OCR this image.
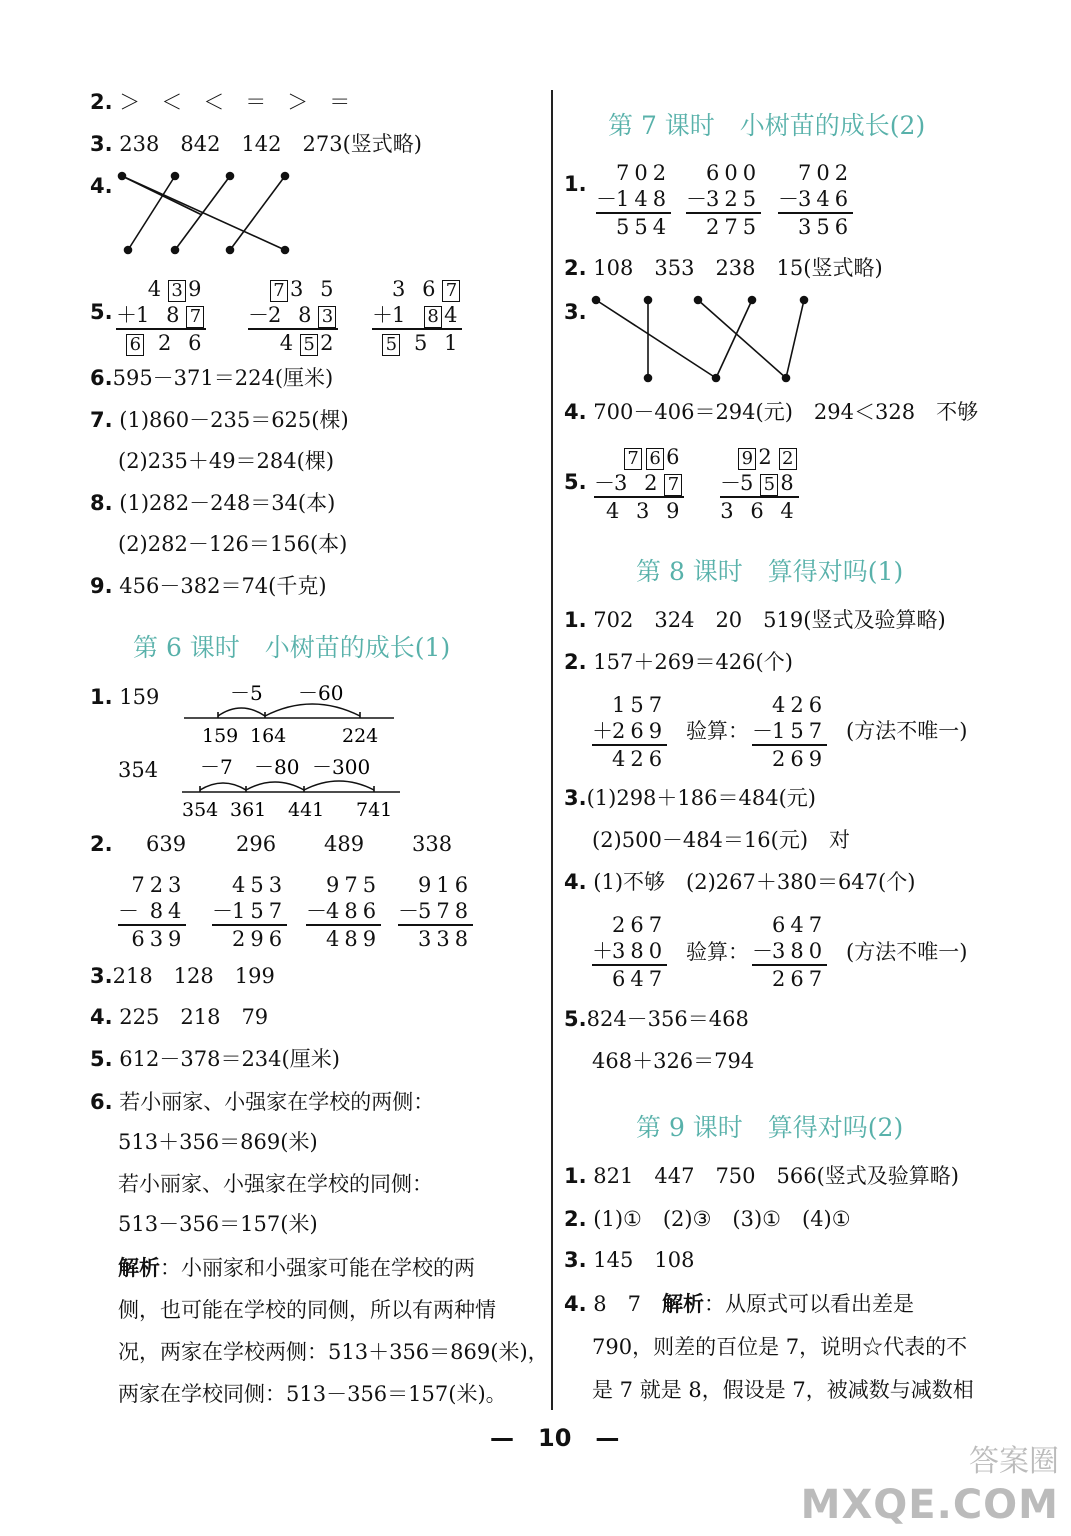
2. ＞　＜　＜　＝　＞　＝
3. 238　842　142　273(竖式略)
4.
5.
4 3 9
＋1 8 7
6 2 6
7 3 5
－2 8 3
4 5 2
3 6 7
＋1 8 4
5 5 1
6.595－371＝224(厘米)
7. (1)860－235＝625(棵)
(2)235＋49＝284(棵)
8. (1)282－248＝34(本)
(2)282－126＝156(本)
9. 456－382＝74(千克)
第 6 课时　小树苗的成长(1)
1. 159	－5 －60
159 164	224
354 －7 －80 －300
354 361 441 741
2. 639 296 489 338
723
－ 84
639
453
－157
296
975
－486
489
916
－578
338
3.218　128　199
4. 225　218　79
5. 612－378＝234(厘米)
6. 若小丽家、小强家在学校的两侧：
513＋356＝869(米)
若小丽家、小强家在学校的同侧：
513－356＝157(米)
解析：小丽家和小强家可能在学校的两
侧，也可能在学校的同侧，所以有两种情
况，两家在学校两侧：513＋356＝869(米)，
两家在学校同侧：513－356＝157(米)。
第 7 课时　小树苗的成长(2)
1.	702
－148
554
600
－325
275
702
－346
356
2. 108　353　238　15(竖式略)
3.
4. 700－406＝294(元)　294＜328　不够
5.
7 6 6
－3 2 7
4 3 9
9 2 2
－5 5 8
3 6 4
第 8 课时　算得对吗(1)
1. 702　324　20　519(竖式及验算略)
2. 157＋269＝426(个)
157
＋269
426
验算：
426
－157
269
(方法不唯一)
3.(1)298＋186＝484(元)
(2)500－484＝16(元)　对
4. (1)不够　(2)267＋380＝647(个)
267
＋380
647
验算：
647
－380
267
(方法不唯一)
5.824－356＝468
468＋326＝794
第 9 课时　算得对吗(2)
1. 821　447　750　566(竖式及验算略)
2. (1)①　(2)③　(3)①　(4)①
3. 145　108
4. 8　7　解析：从原式可以看出差是
790，则差的百位是 7，说明☆代表的不
是 7 就是 8，假设是 7，被减数与减数相
—　10　—
答案圈
MXQE.COM
